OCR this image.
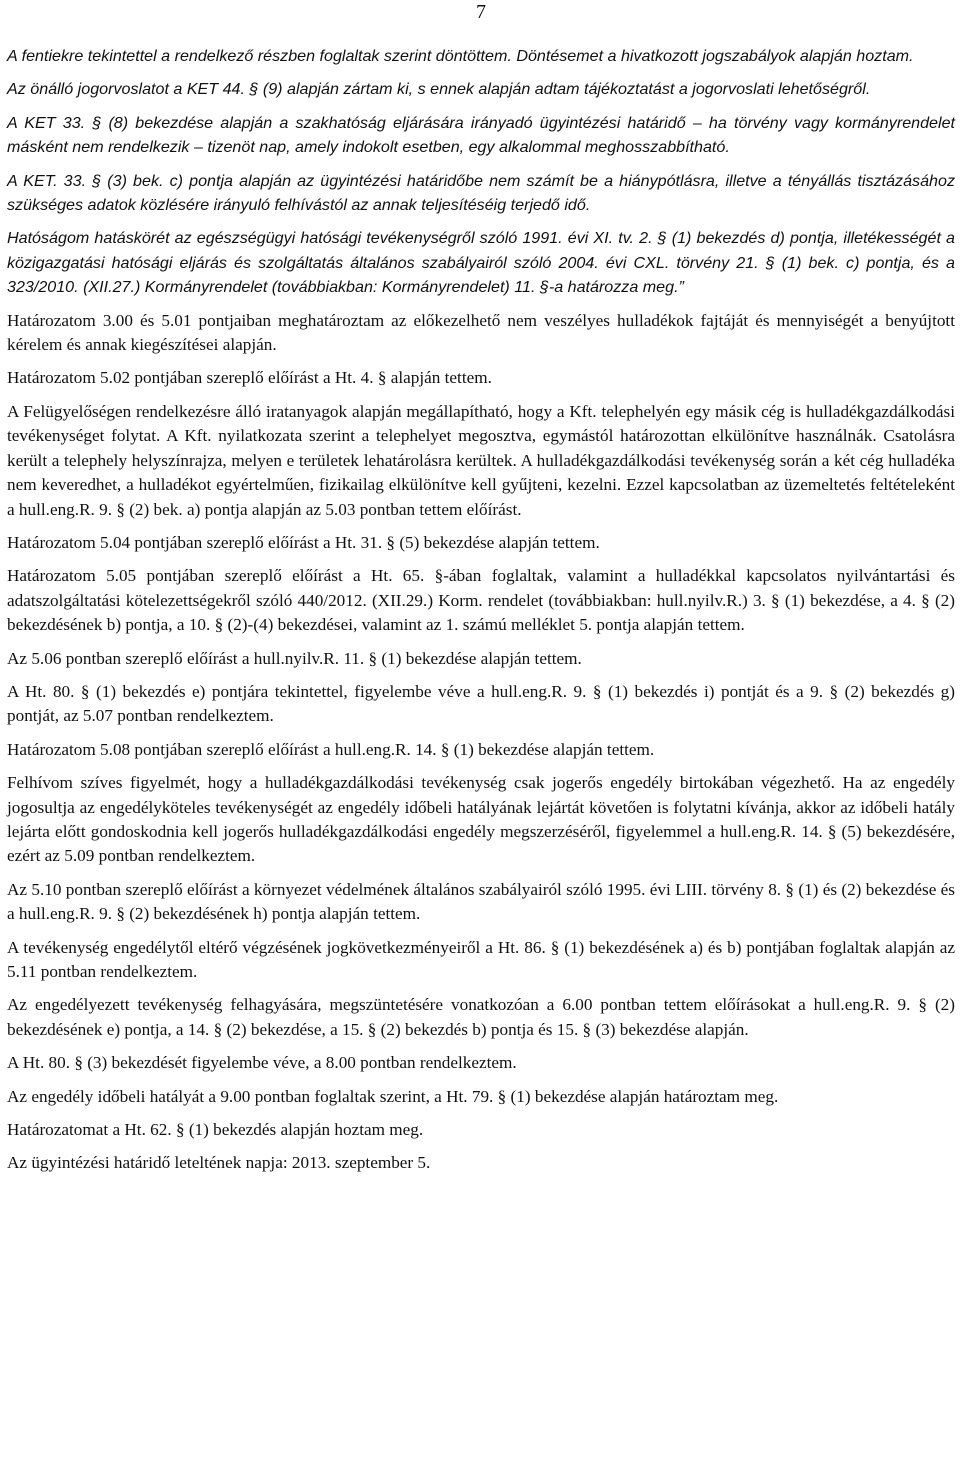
7

A fentiekre tekintettel a rendelkező részben foglaltak szerint döntöttem. Döntésemet a hivatkozott jogszabályok alapján hoztam.

Az önálló jogorvoslatot a KET 44. § (9) alapján zártam ki, s ennek alapján adtam tájékoztatást a jogorvoslati lehetőségről.

A KET 33. § (8) bekezdése alapján a szakhatóság eljárására irányadó ügyintézési határidő – ha törvény vagy kormányrendelet másként nem rendelkezik – tizenöt nap, amely indokolt esetben, egy alkalommal meghosszabbítható.

A KET. 33. § (3) bek. c) pontja alapján az ügyintézési határidőbe nem számít be a hiánypótlásra, illetve a tényállás tisztázásához szükséges adatok közlésére irányuló felhívástól az annak teljesítéséig terjedő idő.

Hatóságom hatáskörét az egészségügyi hatósági tevékenységről szóló 1991. évi XI. tv. 2. § (1) bekezdés d) pontja, illetékességét a közigazgatási hatósági eljárás és szolgáltatás általános szabályairól szóló 2004. évi CXL. törvény 21. § (1) bek. c) pontja, és a 323/2010. (XII.27.) Kormányrendelet (továbbiakban: Kormányrendelet) 11. §-a határozza meg.”

Határozatom 3.00 és 5.01 pontjaiban meghatároztam az előkezelhető nem veszélyes hulladékok fajtáját és mennyiségét a benyújtott kérelem és annak kiegészítései alapján.

Határozatom 5.02 pontjában szereplő előírást a Ht. 4. § alapján tettem.

A Felügyelőségen rendelkezésre álló iratanyagok alapján megállapítható, hogy a Kft. telephelyén egy másik cég is hulladékgazdálkodási tevékenységet folytat. A Kft. nyilatkozata szerint a telephelyet megosztva, egymástól határozottan elkülönítve használnák. Csatolásra került a telephely helyszínrajza, melyen e területek lehatárolásra kerültek. A hulladékgazdálkodási tevékenység során a két cég hulladéka nem keveredhet, a hulladékot egyértelműen, fizikailag elkülönítve kell gyűjteni, kezelni. Ezzel kapcsolatban az üzemeltetés feltételeként a hull.eng.R. 9. § (2) bek. a) pontja alapján az 5.03 pontban tettem előírást.

Határozatom 5.04 pontjában szereplő előírást a Ht. 31. § (5) bekezdése alapján tettem.

Határozatom 5.05 pontjában szereplő előírást a Ht. 65. §-ában foglaltak, valamint a hulladékkal kapcsolatos nyilvántartási és adatszolgáltatási kötelezettségekről szóló 440/2012. (XII.29.) Korm. rendelet (továbbiakban: hull.nyilv.R.) 3. § (1) bekezdése, a 4. § (2) bekezdésének b) pontja, a 10. § (2)-(4) bekezdései, valamint az 1. számú melléklet 5. pontja alapján tettem.

Az 5.06 pontban szereplő előírást a hull.nyilv.R. 11. § (1) bekezdése alapján tettem.

A Ht. 80. § (1) bekezdés e) pontjára tekintettel, figyelembe véve a hull.eng.R. 9. § (1) bekezdés i) pontját és a 9. § (2) bekezdés g) pontját, az 5.07 pontban rendelkeztem.

Határozatom 5.08 pontjában szereplő előírást a hull.eng.R. 14. § (1) bekezdése alapján tettem.

Felhívom szíves figyelmét, hogy a hulladékgazdálkodási tevékenység csak jogerős engedély birtokában végezhető. Ha az engedély jogosultja az engedélyköteles tevékenységét az engedély időbeli hatályának lejártát követően is folytatni kívánja, akkor az időbeli hatály lejárta előtt gondoskodnia kell jogerős hulladékgazdálkodási engedély megszerzéséről, figyelemmel a hull.eng.R. 14. § (5) bekezdésére, ezért az 5.09 pontban rendelkeztem.

Az 5.10 pontban szereplő előírást a környezet védelmének általános szabályairól szóló 1995. évi LIII. törvény 8. § (1) és (2) bekezdése és a hull.eng.R. 9. § (2) bekezdésének h) pontja alapján tettem.

A tevékenység engedélytől eltérő végzésének jogkövetkezményeiről a Ht. 86. § (1) bekezdésének a) és b) pontjában foglaltak alapján az 5.11 pontban rendelkeztem.

Az engedélyezett tevékenység felhagyására, megszüntetésére vonatkozóan a 6.00 pontban tettem előírásokat a hull.eng.R. 9. § (2) bekezdésének e) pontja, a 14. § (2) bekezdése, a 15. § (2) bekezdés b) pontja és 15. § (3) bekezdése alapján.

A Ht. 80. § (3) bekezdését figyelembe véve, a 8.00 pontban rendelkeztem.

Az engedély időbeli hatályát a 9.00 pontban foglaltak szerint, a Ht. 79. § (1) bekezdése alapján határoztam meg.

Határozatomat a Ht. 62. § (1) bekezdés alapján hoztam meg.

Az ügyintézési határidő leteltének napja: 2013. szeptember 5.
